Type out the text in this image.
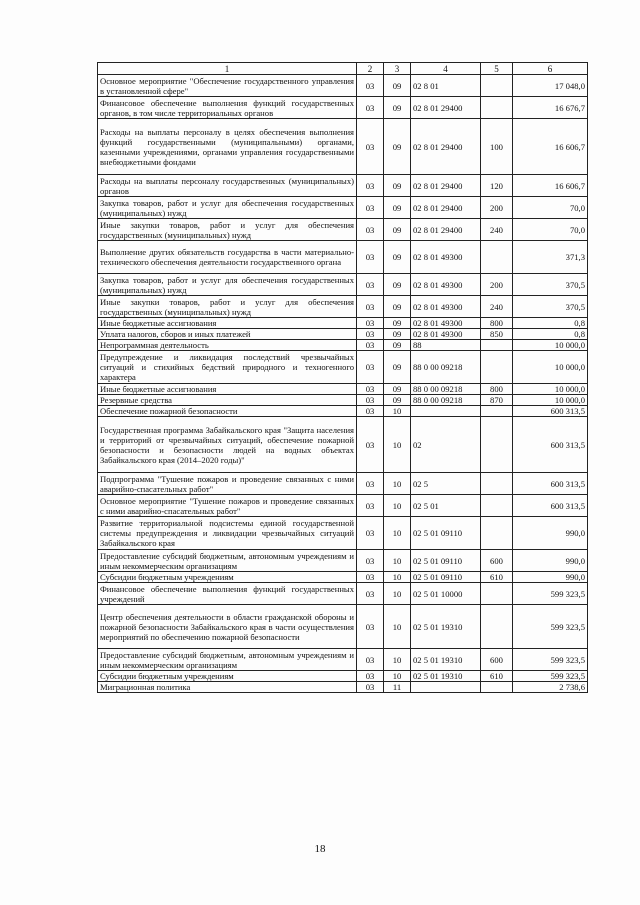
1	2	3	4	5	6
Основное мероприятие "Обеспечение государственного управления в установленной сфере"	03	09	02 8 01		17 048,0
Финансовое обеспечение выполнения функций государственных органов, в том числе территориальных органов	03	09	02 8 01 29400		16 676,7
Расходы на выплаты персоналу в целях обеспечения выполнения функций государственными (муниципальными) органами, казенными учреждениями, органами управления государственными внебюджетными фондами	03	09	02 8 01 29400	100	16 606,7
Расходы на выплаты персоналу государственных (муниципальных) органов	03	09	02 8 01 29400	120	16 606,7
Закупка товаров, работ и услуг для обеспечения государственных (муниципальных) нужд	03	09	02 8 01 29400	200	70,0
Иные закупки товаров, работ и услуг для обеспечения государственных (муниципальных) нужд	03	09	02 8 01 29400	240	70,0
Выполнение других обязательств государства в части материально-технического обеспечения деятельности государственного органа	03	09	02 8 01 49300		371,3
Закупка товаров, работ и услуг для обеспечения государственных (муниципальных) нужд	03	09	02 8 01 49300	200	370,5
Иные закупки товаров, работ и услуг для обеспечения государственных (муниципальных) нужд	03	09	02 8 01 49300	240	370,5
Иные бюджетные ассигнования	03	09	02 8 01 49300	800	0,8
Уплата налогов, сборов и иных платежей	03	09	02 8 01 49300	850	0,8
Непрограммная деятельность	03	09	88		10 000,0
Предупреждение и ликвидация последствий чрезвычайных ситуаций и стихийных бедствий природного и техногенного характера	03	09	88 0 00 09218		10 000,0
Иные бюджетные ассигнования	03	09	88 0 00 09218	800	10 000,0
Резервные средства	03	09	88 0 00 09218	870	10 000,0
Обеспечение пожарной безопасности	03	10			600 313,5
Государственная программа Забайкальского края "Защита населения и территорий от чрезвычайных ситуаций, обеспечение пожарной безопасности и безопасности людей на водных объектах Забайкальского края (2014–2020 годы)"	03	10	02		600 313,5
Подпрограмма "Тушение пожаров и проведение связанных с ними аварийно-спасательных работ"	03	10	02 5		600 313,5
Основное мероприятие "Тушение пожаров и проведение связанных с ними аварийно-спасательных работ"	03	10	02 5 01		600 313,5
Развитие территориальной подсистемы единой государственной системы предупреждения и ликвидации чрезвычайных ситуаций Забайкальского края	03	10	02 5 01 09110		990,0
Предоставление субсидий бюджетным, автономным учреждениям и иным некоммерческим организациям	03	10	02 5 01 09110	600	990,0
Субсидии бюджетным учреждениям	03	10	02 5 01 09110	610	990,0
Финансовое обеспечение выполнения функций государственных учреждений	03	10	02 5 01 10000		599 323,5
Центр обеспечения деятельности в области гражданской обороны и пожарной безопасности Забайкальского края в части осуществления мероприятий по обеспечению пожарной безопасности	03	10	02 5 01 19310		599 323,5
Предоставление субсидий бюджетным, автономным учреждениям и иным некоммерческим организациям	03	10	02 5 01 19310	600	599 323,5
Субсидии бюджетным учреждениям	03	10	02 5 01 19310	610	599 323,5
Миграционная политика	03	11			2 738,6
18
